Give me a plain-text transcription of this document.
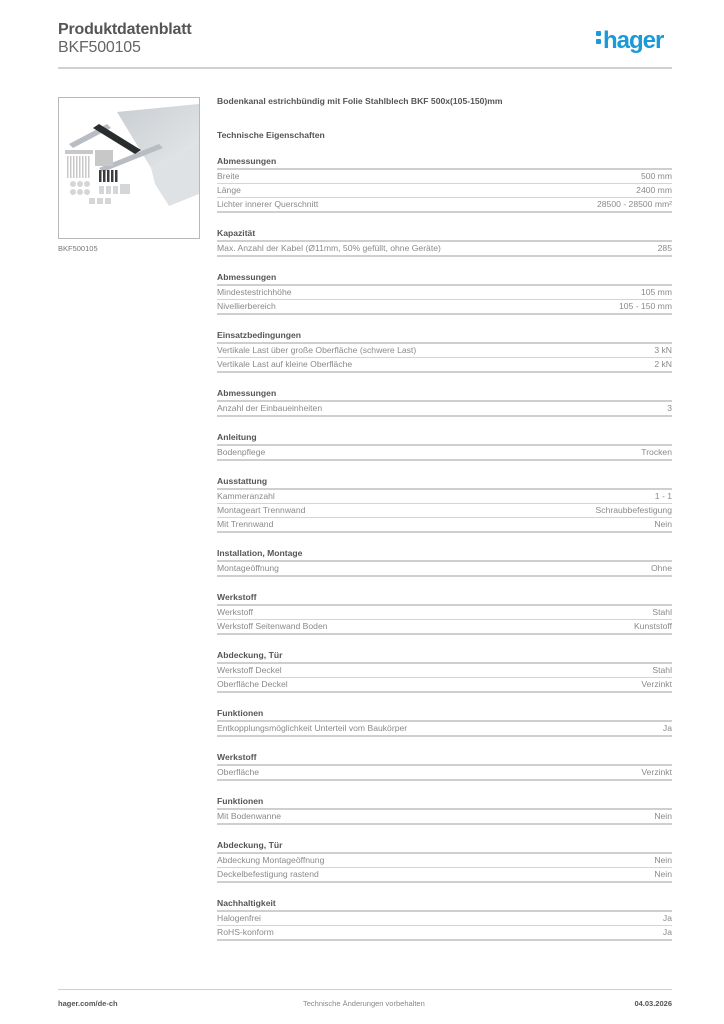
Produktdatenblatt
BKF500105	hager
BKF500105
Bodenkanal estrichbündig mit Folie Stahlblech BKF 500x(105-150)mm
Technische Eigenschaften
Abmessungen
Breite	500 mm
Länge	2400 mm
Lichter innerer Querschnitt	28500 - 28500 mm²
Kapazität
Max. Anzahl der Kabel (Ø11mm, 50% gefüllt, ohne Geräte)	285
Abmessungen
Mindestestrichhöhe	105 mm
Nivellierbereich	105 - 150 mm
Einsatzbedingungen
Vertikale Last über große Oberfläche (schwere Last)	3 kN
Vertikale Last auf kleine Oberfläche	2 kN
Abmessungen
Anzahl der Einbaueinheiten	3
Anleitung
Bodenpflege	Trocken
Ausstattung
Kammeranzahl	1 - 1
Montageart Trennwand	Schraubbefestigung
Mit Trennwand	Nein
Installation, Montage
Montageöffnung	Ohne
Werkstoff
Werkstoff	Stahl
Werkstoff Seitenwand Boden	Kunststoff
Abdeckung, Tür
Werkstoff Deckel	Stahl
Oberfläche Deckel	Verzinkt
Funktionen
Entkopplungsmöglichkeit Unterteil vom Baukörper	Ja
Werkstoff
Oberfläche	Verzinkt
Funktionen
Mit Bodenwanne	Nein
Abdeckung, Tür
Abdeckung Montageöffnung	Nein
Deckelbefestigung rastend	Nein
Nachhaltigkeit
Halogenfrei	Ja
RoHS-konform	Ja
hager.com/de-ch	Technische Änderungen vorbehalten	04.03.2026
